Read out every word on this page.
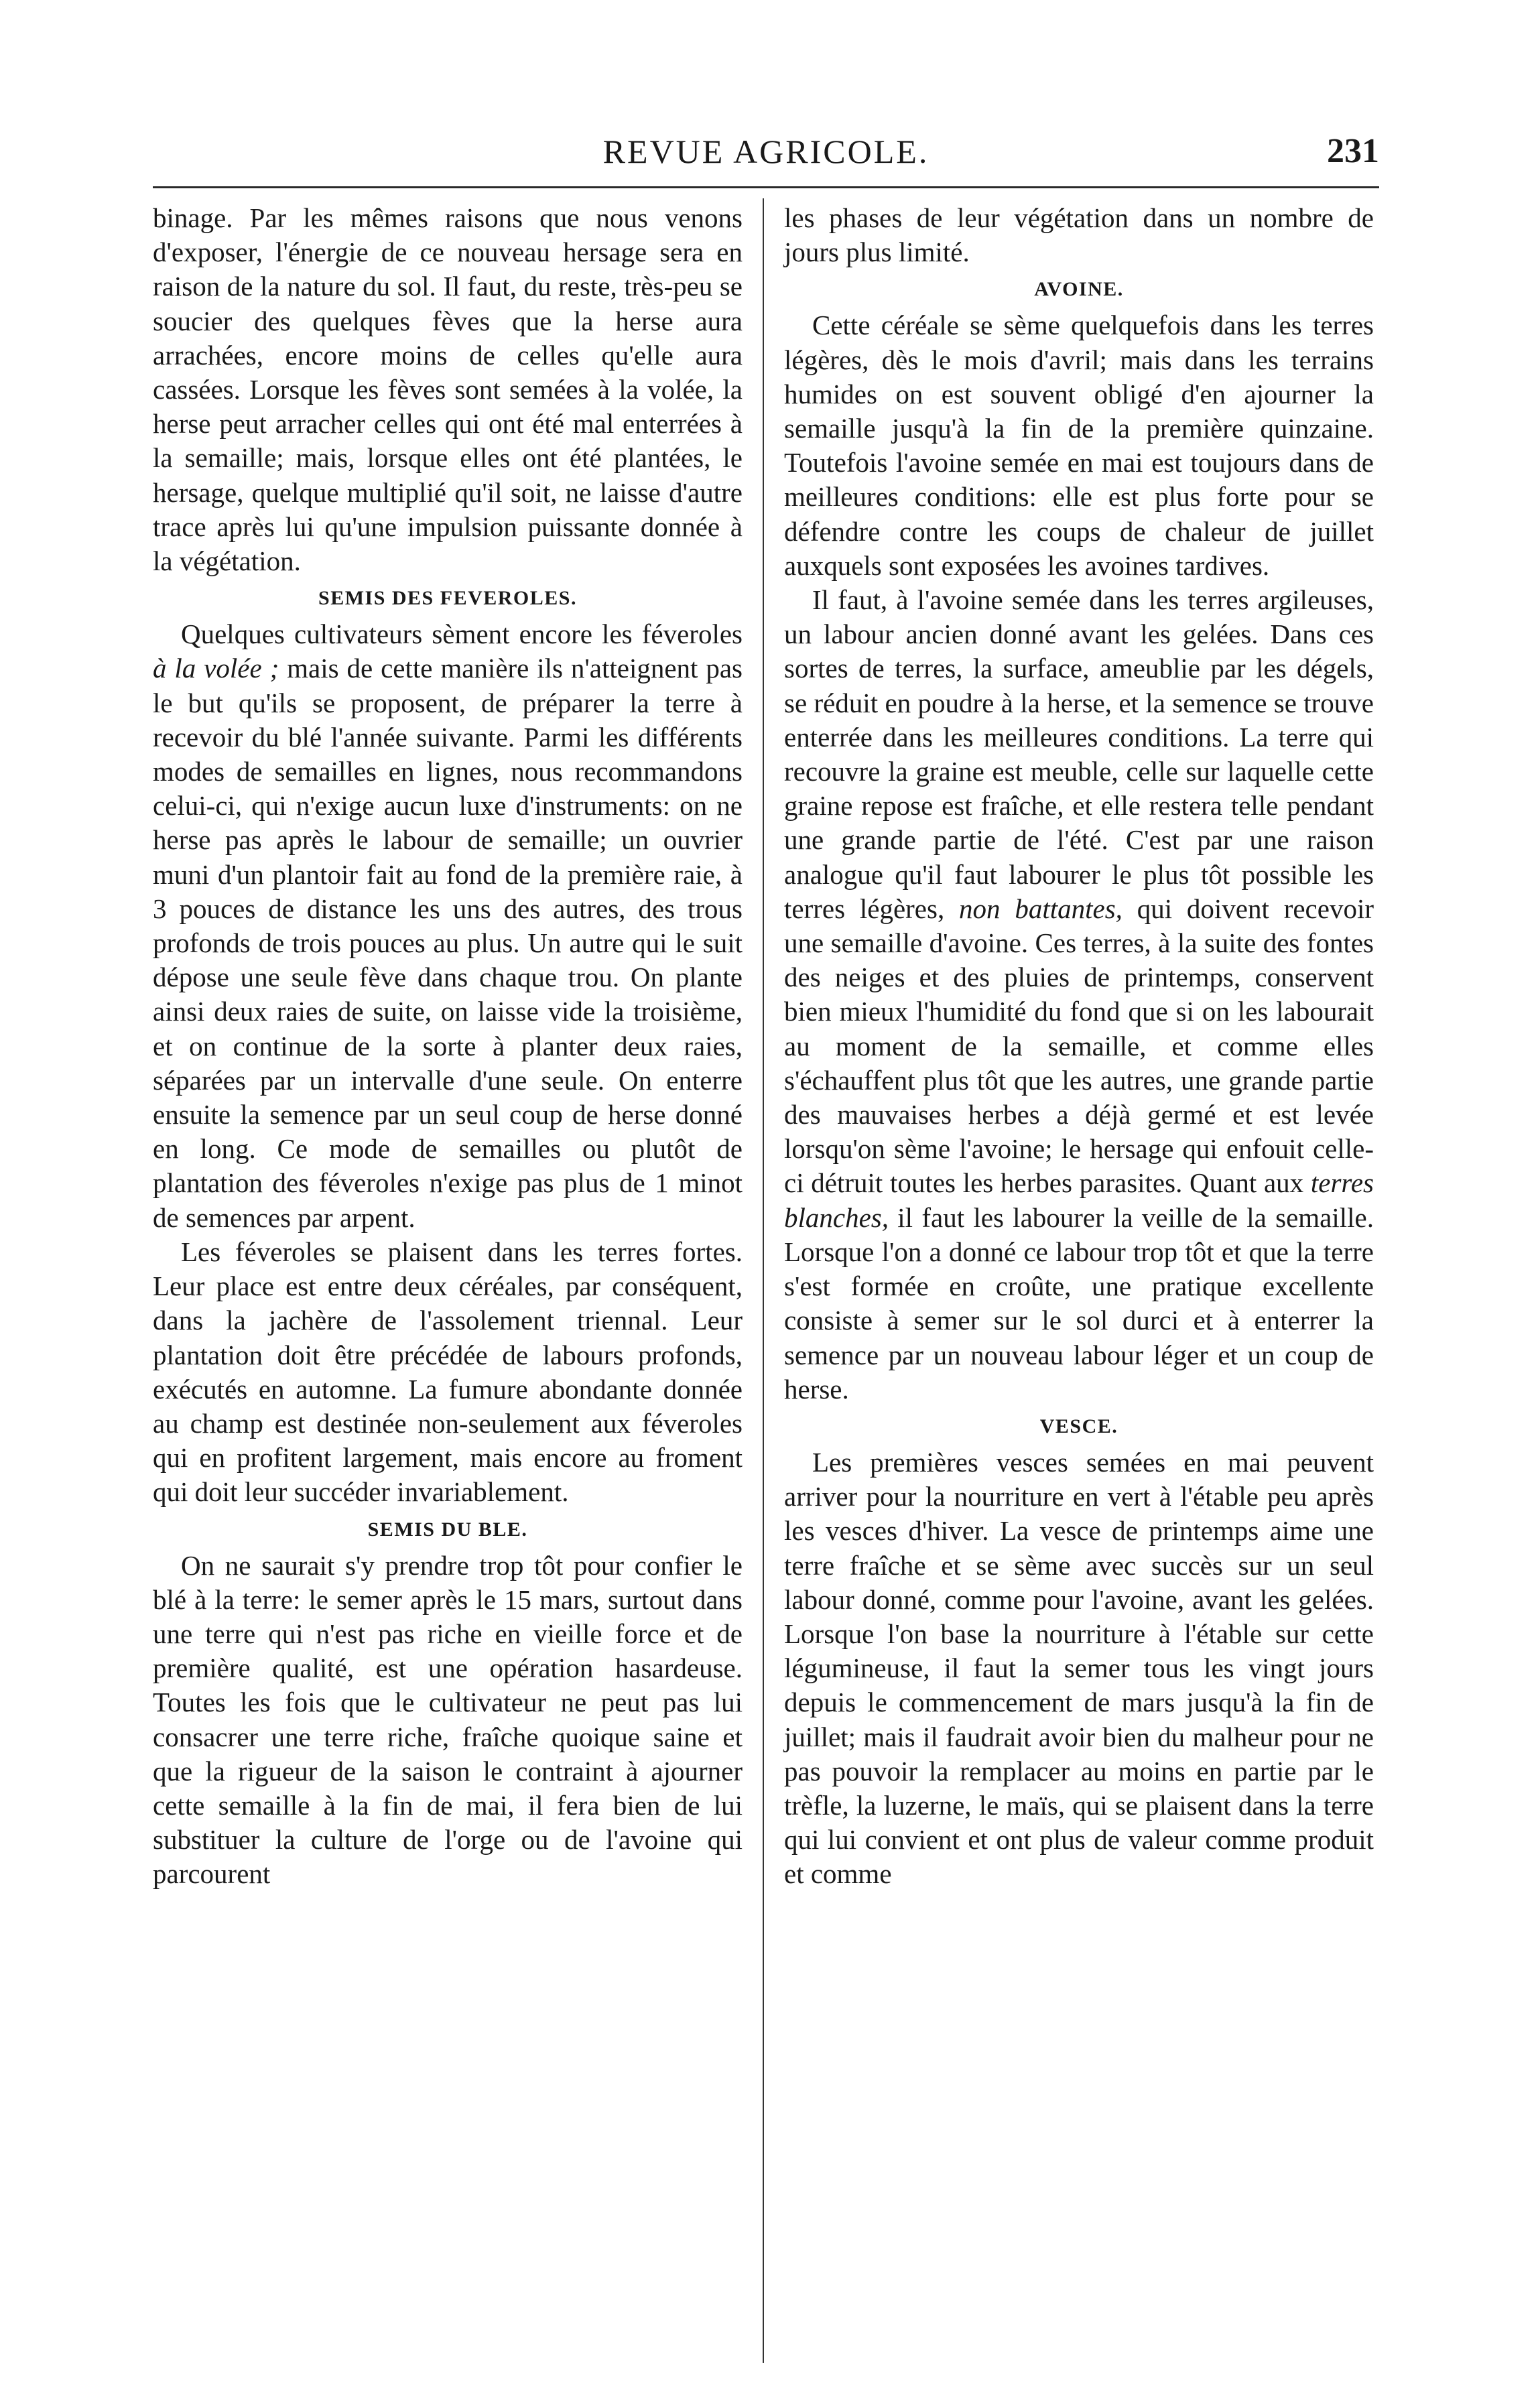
REVUE AGRICOLE.	231

binage. Par les mêmes raisons que nous venons d'exposer, l'énergie de ce nouveau hersage sera en raison de la nature du sol. Il faut, du reste, très-peu se soucier des quelques fèves que la herse aura arrachées, encore moins de celles qu'elle aura cassées. Lorsque les fèves sont semées à la volée, la herse peut arracher celles qui ont été mal enterrées à la semaille; mais, lorsque elles ont été plantées, le hersage, quelque multiplié qu'il soit, ne laisse d'autre trace après lui qu'une impulsion puissante donnée à la végétation.

SEMIS DES FEVEROLES.

Quelques cultivateurs sèment encore les féveroles à la volée ; mais de cette manière ils n'atteignent pas le but qu'ils se proposent, de préparer la terre à recevoir du blé l'année suivante. Parmi les différents modes de semailles en lignes, nous recommandons celui-ci, qui n'exige aucun luxe d'instruments: on ne herse pas après le labour de semaille; un ouvrier muni d'un plantoir fait au fond de la première raie, à 3 pouces de distance les uns des autres, des trous profonds de trois pouces au plus. Un autre qui le suit dépose une seule fève dans chaque trou. On plante ainsi deux raies de suite, on laisse vide la troisième, et on continue de la sorte à planter deux raies, séparées par un intervalle d'une seule. On enterre ensuite la semence par un seul coup de herse donné en long. Ce mode de semailles ou plutôt de plantation des féveroles n'exige pas plus de 1 minot de semences par arpent.

Les féveroles se plaisent dans les terres fortes. Leur place est entre deux céréales, par conséquent, dans la jachère de l'assolement triennal. Leur plantation doit être précédée de labours profonds, exécutés en automne. La fumure abondante donnée au champ est destinée non-seulement aux féveroles qui en profitent largement, mais encore au froment qui doit leur succéder invariablement.

SEMIS DU BLE.

On ne saurait s'y prendre trop tôt pour confier le blé à la terre: le semer après le 15 mars, surtout dans une terre qui n'est pas riche en vieille force et de première qualité, est une opération hasardeuse. Toutes les fois que le cultivateur ne peut pas lui consacrer une terre riche, fraîche quoique saine et que la rigueur de la saison le contraint à ajourner cette semaille à la fin de mai, il fera bien de lui substituer la culture de l'orge ou de l'avoine qui parcourent

les phases de leur végétation dans un nombre de jours plus limité.

AVOINE.

Cette céréale se sème quelquefois dans les terres légères, dès le mois d'avril; mais dans les terrains humides on est souvent obligé d'en ajourner la semaille jusqu'à la fin de la première quinzaine. Toutefois l'avoine semée en mai est toujours dans de meilleures conditions: elle est plus forte pour se défendre contre les coups de chaleur de juillet auxquels sont exposées les avoines tardives.

Il faut, à l'avoine semée dans les terres argileuses, un labour ancien donné avant les gelées. Dans ces sortes de terres, la surface, ameublie par les dégels, se réduit en poudre à la herse, et la semence se trouve enterrée dans les meilleures conditions. La terre qui recouvre la graine est meuble, celle sur laquelle cette graine repose est fraîche, et elle restera telle pendant une grande partie de l'été. C'est par une raison analogue qu'il faut labourer le plus tôt possible les terres légères, non battantes, qui doivent recevoir une semaille d'avoine. Ces terres, à la suite des fontes des neiges et des pluies de printemps, conservent bien mieux l'humidité du fond que si on les labourait au moment de la semaille, et comme elles s'échauffent plus tôt que les autres, une grande partie des mauvaises herbes a déjà germé et est levée lorsqu'on sème l'avoine; le hersage qui enfouit celle-ci détruit toutes les herbes parasites. Quant aux terres blanches, il faut les labourer la veille de la semaille. Lorsque l'on a donné ce labour trop tôt et que la terre s'est formée en croûte, une pratique excellente consiste à semer sur le sol durci et à enterrer la semence par un nouveau labour léger et un coup de herse.

VESCE.

Les premières vesces semées en mai peuvent arriver pour la nourriture en vert à l'étable peu après les vesces d'hiver. La vesce de printemps aime une terre fraîche et se sème avec succès sur un seul labour donné, comme pour l'avoine, avant les gelées. Lorsque l'on base la nourriture à l'étable sur cette légumineuse, il faut la semer tous les vingt jours depuis le commencement de mars jusqu'à la fin de juillet; mais il faudrait avoir bien du malheur pour ne pas pouvoir la remplacer au moins en partie par le trèfle, la luzerne, le maïs, qui se plaisent dans la terre qui lui convient et ont plus de valeur comme produit et comme
